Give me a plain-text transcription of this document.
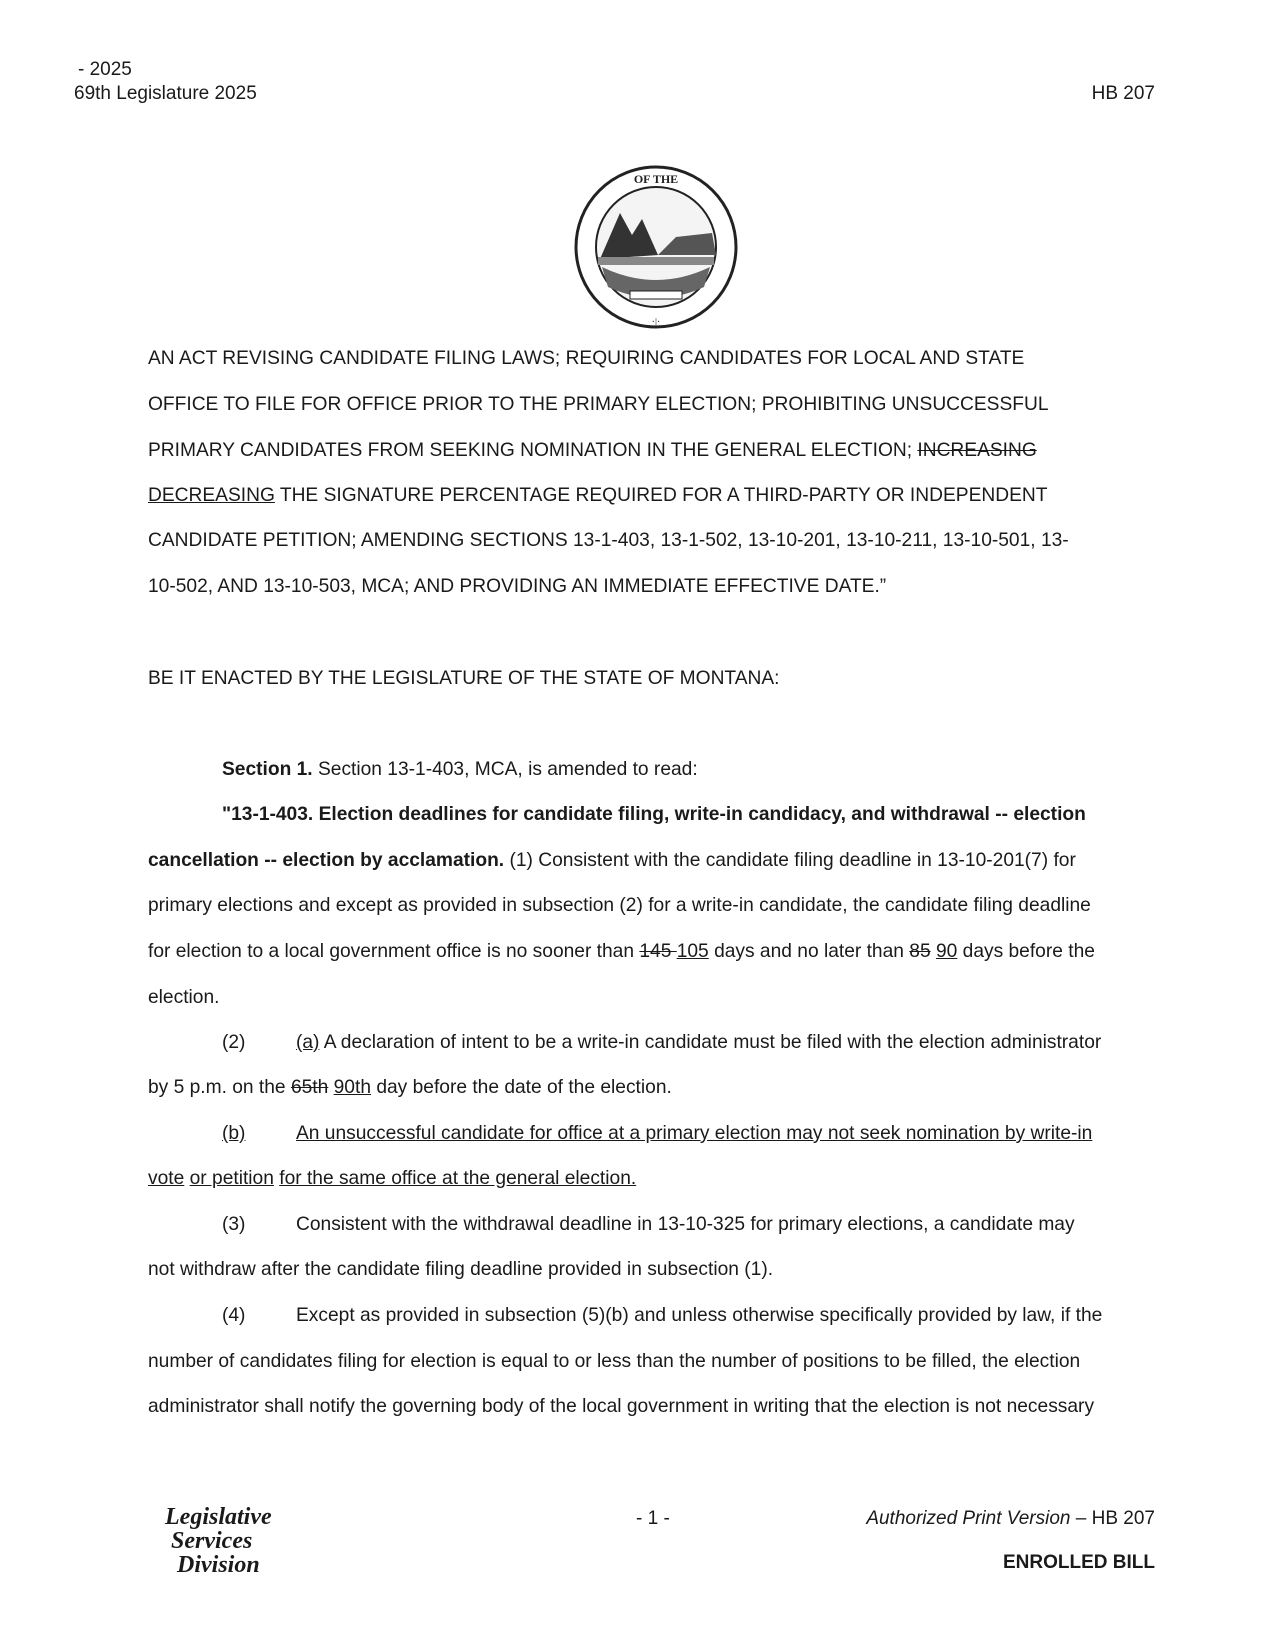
- 2025
69th Legislature 2025	HB 207
OF THE
·|·
AN ACT REVISING CANDIDATE FILING LAWS; REQUIRING CANDIDATES FOR LOCAL AND STATE
OFFICE TO FILE FOR OFFICE PRIOR TO THE PRIMARY ELECTION; PROHIBITING UNSUCCESSFUL
PRIMARY CANDIDATES FROM SEEKING NOMINATION IN THE GENERAL ELECTION; INCREASING
DECREASING THE SIGNATURE PERCENTAGE REQUIRED FOR A THIRD-PARTY OR INDEPENDENT
CANDIDATE PETITION; AMENDING SECTIONS 13-1-403, 13-1-502, 13-10-201, 13-10-211, 13-10-501, 13-
10-502, AND 13-10-503, MCA; AND PROVIDING AN IMMEDIATE EFFECTIVE DATE.”
BE IT ENACTED BY THE LEGISLATURE OF THE STATE OF MONTANA:
Section 1. Section 13-1-403, MCA, is amended to read:
"13-1-403. Election deadlines for candidate filing, write-in candidacy, and withdrawal -- election
cancellation -- election by acclamation. (1) Consistent with the candidate filing deadline in 13-10-201(7) for
primary elections and except as provided in subsection (2) for a write-in candidate, the candidate filing deadline
for election to a local government office is no sooner than 145 105 days and no later than 85 90 days before the
election.
(2)	(a) A declaration of intent to be a write-in candidate must be filed with the election administrator
by 5 p.m. on the 65th 90th day before the date of the election.
(b)	An unsuccessful candidate for office at a primary election may not seek nomination by write-in
vote or petition for the same office at the general election.
(3)	Consistent with the withdrawal deadline in 13-10-325 for primary elections, a candidate may
not withdraw after the candidate filing deadline provided in subsection (1).
(4)	Except as provided in subsection (5)(b) and unless otherwise specifically provided by law, if the
number of candidates filing for election is equal to or less than the number of positions to be filled, the election
administrator shall notify the governing body of the local government in writing that the election is not necessary
Legislative
Services
Division
- 1 -	Authorized Print Version – HB 207
ENROLLED BILL
